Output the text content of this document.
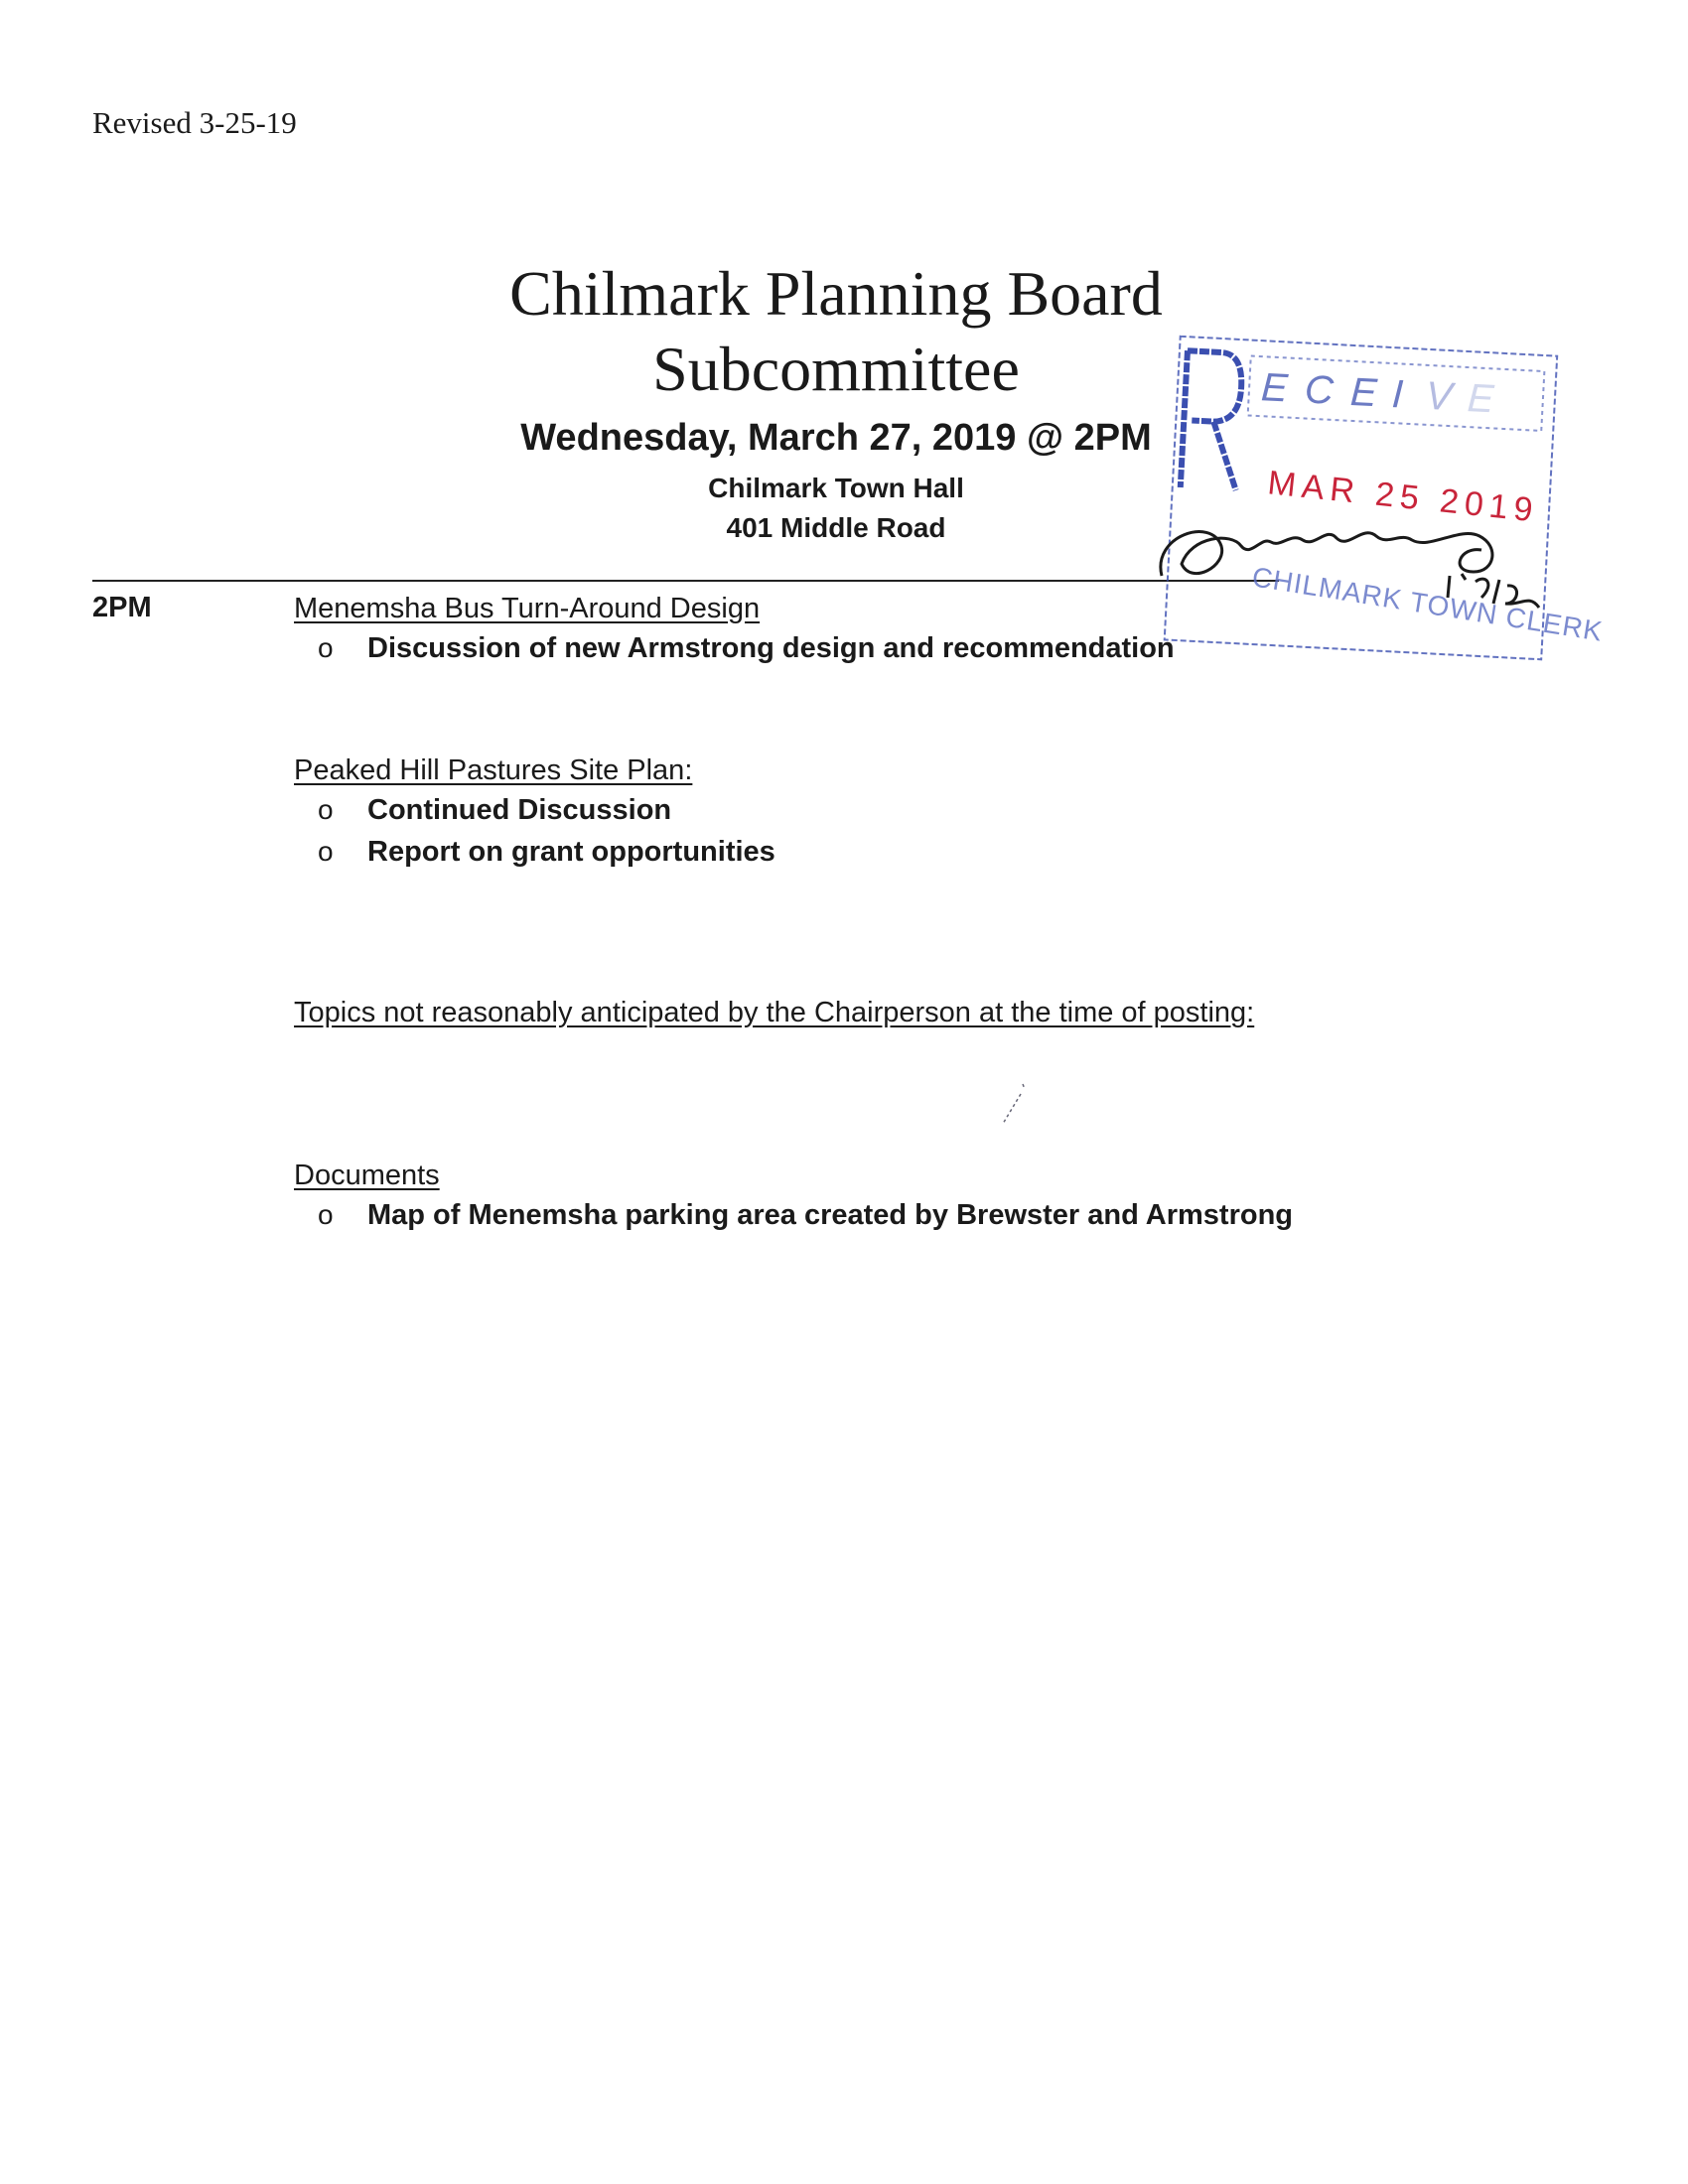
Revised 3-25-19
Chilmark Planning Board
Subcommittee
Wednesday, March 27, 2019 @ 2PM
Chilmark Town Hall
401 Middle Road
2PM	Menemsha Bus Turn-Around Design
o	Discussion of new Armstrong design and recommendation
Peaked Hill Pastures Site Plan:
o	Continued Discussion
o	Report on grant opportunities
Topics not reasonably anticipated by the Chairperson at the time of posting:
Documents
o	Map of Menemsha parking area created by Brewster and Armstrong
E C E I V E
MAR 25 2019
CHILMARK TOWN CLERK
